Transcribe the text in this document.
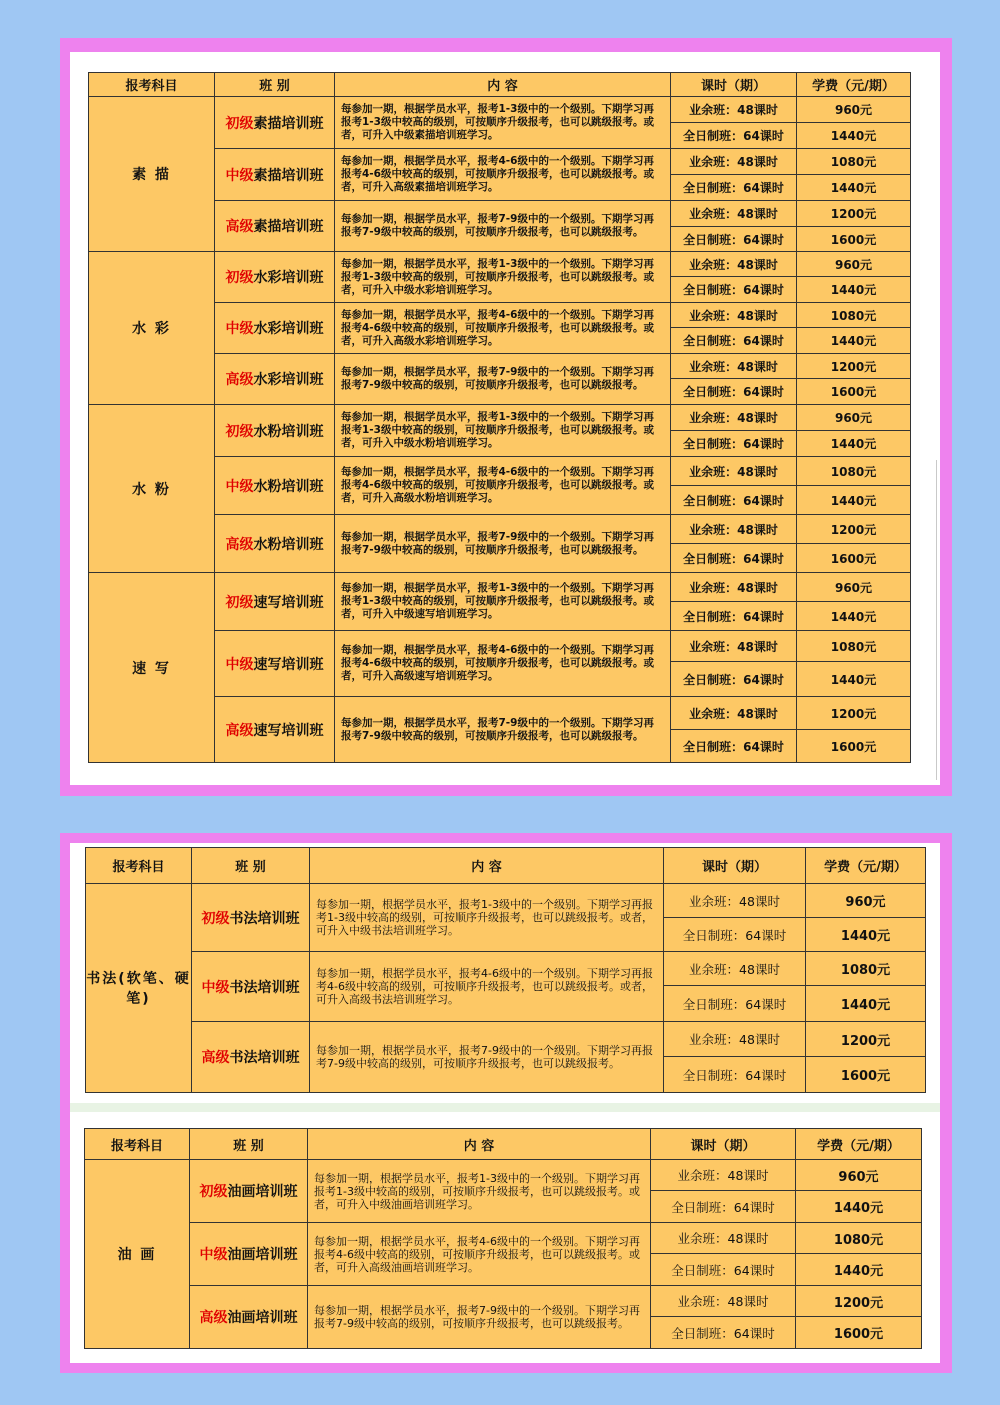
报考科目	班 别	内 容	课时（期）	学费（元/期）
素 描	初级素描培训班	每参加一期，根据学员水平，报考1-3级中的一个级别。下期学习再报考1-3级中较高的级别，可按顺序升级报考，也可以跳级报考。或者，可升入中级素描培训班学习。	业余班：48课时	960元
			全日制班：64课时	1440元
	中级素描培训班	每参加一期，根据学员水平，报考4-6级中的一个级别。下期学习再报考4-6级中较高的级别，可按顺序升级报考，也可以跳级报考。或者，可升入高级素描培训班学习。	业余班：48课时	1080元
			全日制班：64课时	1440元
	高级素描培训班	每参加一期，根据学员水平，报考7-9级中的一个级别。下期学习再报考7-9级中较高的级别，可按顺序升级报考，也可以跳级报考。	业余班：48课时	1200元
			全日制班：64课时	1600元
水 彩	初级水彩培训班	每参加一期，根据学员水平，报考1-3级中的一个级别。下期学习再报考1-3级中较高的级别，可按顺序升级报考，也可以跳级报考。或者，可升入中级水彩培训班学习。	业余班：48课时	960元
			全日制班：64课时	1440元
	中级水彩培训班	每参加一期，根据学员水平，报考4-6级中的一个级别。下期学习再报考4-6级中较高的级别，可按顺序升级报考，也可以跳级报考。或者，可升入高级水彩培训班学习。	业余班：48课时	1080元
			全日制班：64课时	1440元
	高级水彩培训班	每参加一期，根据学员水平，报考7-9级中的一个级别。下期学习再报考7-9级中较高的级别，可按顺序升级报考，也可以跳级报考。	业余班：48课时	1200元
			全日制班：64课时	1600元
水 粉	初级水粉培训班	每参加一期，根据学员水平，报考1-3级中的一个级别。下期学习再报考1-3级中较高的级别，可按顺序升级报考，也可以跳级报考。或者，可升入中级水粉培训班学习。	业余班：48课时	960元
			全日制班：64课时	1440元
	中级水粉培训班	每参加一期，根据学员水平，报考4-6级中的一个级别。下期学习再报考4-6级中较高的级别，可按顺序升级报考，也可以跳级报考。或者，可升入高级水粉培训班学习。	业余班：48课时	1080元
			全日制班：64课时	1440元
	高级水粉培训班	每参加一期，根据学员水平，报考7-9级中的一个级别。下期学习再报考7-9级中较高的级别，可按顺序升级报考，也可以跳级报考。	业余班：48课时	1200元
			全日制班：64课时	1600元
速 写	初级速写培训班	每参加一期，根据学员水平，报考1-3级中的一个级别。下期学习再报考1-3级中较高的级别，可按顺序升级报考，也可以跳级报考。或者，可升入中级速写培训班学习。	业余班：48课时	960元
			全日制班：64课时	1440元
	中级速写培训班	每参加一期，根据学员水平，报考4-6级中的一个级别。下期学习再报考4-6级中较高的级别，可按顺序升级报考，也可以跳级报考。或者，可升入高级速写培训班学习。	业余班：48课时	1080元
			全日制班：64课时	1440元
	高级速写培训班	每参加一期，根据学员水平，报考7-9级中的一个级别。下期学习再报考7-9级中较高的级别，可按顺序升级报考，也可以跳级报考。	业余班：48课时	1200元
			全日制班：64课时	1600元
报考科目	班 别	内 容	课时（期）	学费（元/期）
书法(软笔、硬笔)	初级书法培训班	每参加一期，根据学员水平，报考1-3级中的一个级别。下期学习再报考1-3级中较高的级别，可按顺序升级报考，也可以跳级报考。或者，可升入中级书法培训班学习。	业余班：48课时	960元
			全日制班：64课时	1440元
	中级书法培训班	每参加一期，根据学员水平，报考4-6级中的一个级别。下期学习再报考4-6级中较高的级别，可按顺序升级报考，也可以跳级报考。或者，可升入高级书法培训班学习。	业余班：48课时	1080元
			全日制班：64课时	1440元
	高级书法培训班	每参加一期，根据学员水平，报考7-9级中的一个级别。下期学习再报考7-9级中较高的级别，可按顺序升级报考，也可以跳级报考。	业余班：48课时	1200元
			全日制班：64课时	1600元
报考科目	班 别	内 容	课时（期）	学费（元/期）
油 画	初级油画培训班	每参加一期，根据学员水平，报考1-3级中的一个级别。下期学习再报考1-3级中较高的级别，可按顺序升级报考，也可以跳级报考。或者，可升入中级油画培训班学习。	业余班：48课时	960元
			全日制班：64课时	1440元
	中级油画培训班	每参加一期，根据学员水平，报考4-6级中的一个级别。下期学习再报考4-6级中较高的级别，可按顺序升级报考，也可以跳级报考。或者，可升入高级油画培训班学习。	业余班：48课时	1080元
			全日制班：64课时	1440元
	高级油画培训班	每参加一期，根据学员水平，报考7-9级中的一个级别。下期学习再报考7-9级中较高的级别，可按顺序升级报考，也可以跳级报考。	业余班：48课时	1200元
			全日制班：64课时	1600元
